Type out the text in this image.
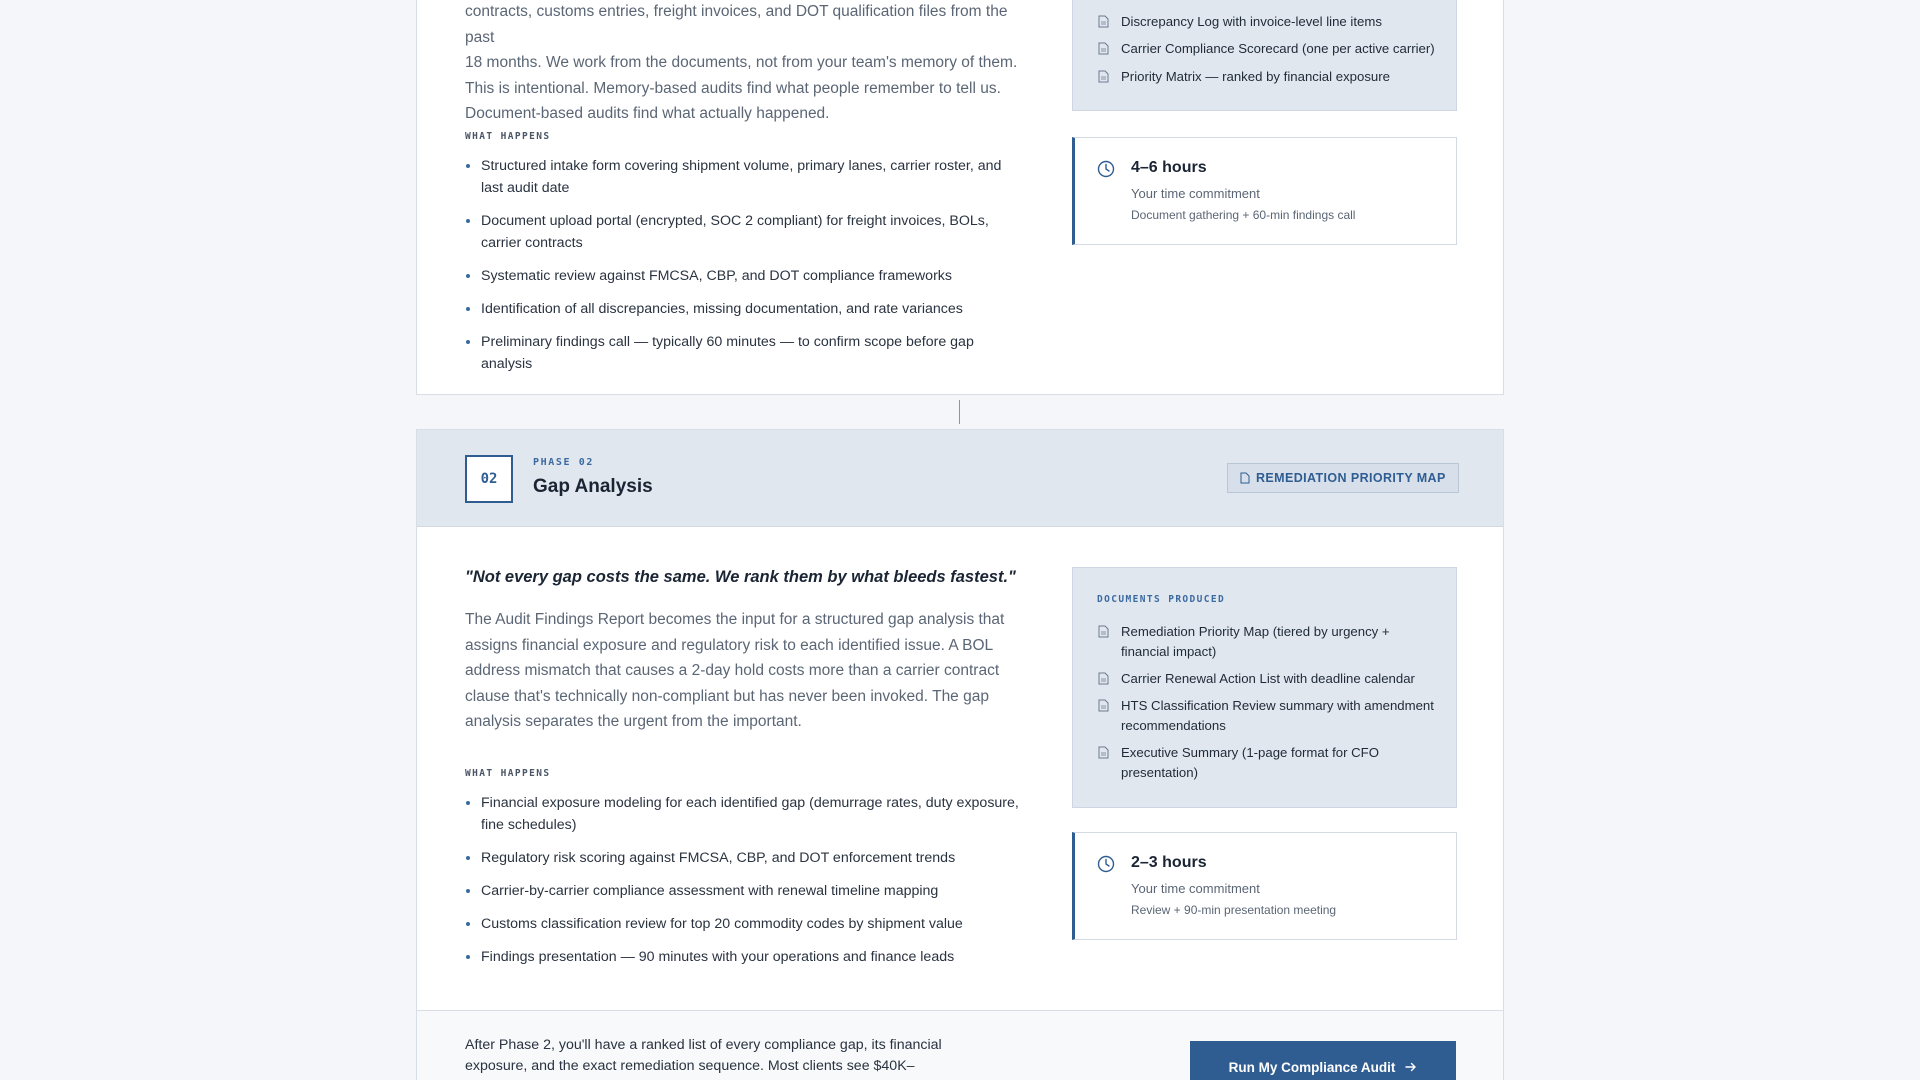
contracts, customs entries, freight invoices, and DOT qualification files from the past
18 months. We work from the documents, not from your team's memory of them.
This is intentional. Memory-based audits find what people remember to tell us.
Document-based audits find what actually happened.

WHAT HAPPENS
Structured intake form covering shipment volume, primary lanes, carrier roster, and last audit date
Document upload portal (encrypted, SOC 2 compliant) for freight invoices, BOLs, carrier contracts
Systematic review against FMCSA, CBP, and DOT compliance frameworks
Identification of all discrepancies, missing documentation, and rate variances
Preliminary findings call — typically 60 minutes — to confirm scope before gap analysis
Discrepancy Log with invoice-level line items
Carrier Compliance Scorecard (one per active carrier)
Priority Matrix — ranked by financial exposure
4–6 hours
Your time commitment
Document gathering + 60-min findings call
02
PHASE 02
Gap Analysis	REMEDIATION PRIORITY MAP
"Not every gap costs the same. We rank them by what bleeds fastest."

The Audit Findings Report becomes the input for a structured gap analysis that
assigns financial exposure and regulatory risk to each identified issue. A BOL
address mismatch that causes a 2-day hold costs more than a carrier contract
clause that's technically non-compliant but has never been invoked. The gap
analysis separates the urgent from the important.

WHAT HAPPENS
Financial exposure modeling for each identified gap (demurrage rates, duty exposure, fine schedules)
Regulatory risk scoring against FMCSA, CBP, and DOT enforcement trends
Carrier-by-carrier compliance assessment with renewal timeline mapping
Customs classification review for top 20 commodity codes by shipment value
Findings presentation — 90 minutes with your operations and finance leads
DOCUMENTS PRODUCED
Remediation Priority Map (tiered by urgency + financial impact)
Carrier Renewal Action List with deadline calendar
HTS Classification Review summary with amendment recommendations
Executive Summary (1-page format for CFO presentation)
2–3 hours
Your time commitment
Review + 90-min presentation meeting

After Phase 2, you'll have a ranked list of every compliance gap, its financial
exposure, and the exact remediation sequence. Most clients see $40K–	Run My Compliance Audit
